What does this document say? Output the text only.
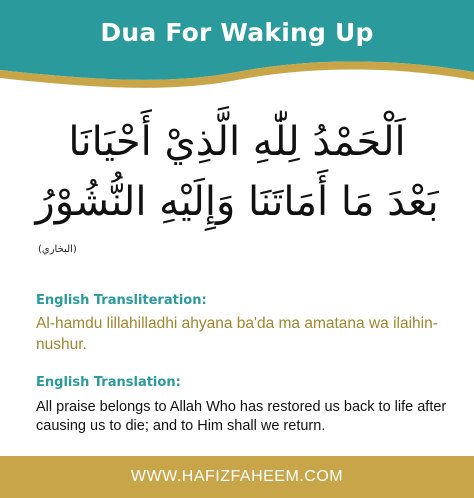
Dua For Waking Up
اَلْحَمْدُ لِلّٰهِ الَّذِيْ أَحْيَانَا
بَعْدَ مَا أَمَاتَنَا وَإِلَيْهِ النُّشُوْرُ
(البخاري)
English Transliteration:
Al-hamdu lillahilladhi ahyana ba'da ma amatana wa ilaihin-nushur.
English Translation:
All praise belongs to Allah Who has restored us back to life after causing us to die; and to Him shall we return.
WWW.HAFIZFAHEEM.COM
